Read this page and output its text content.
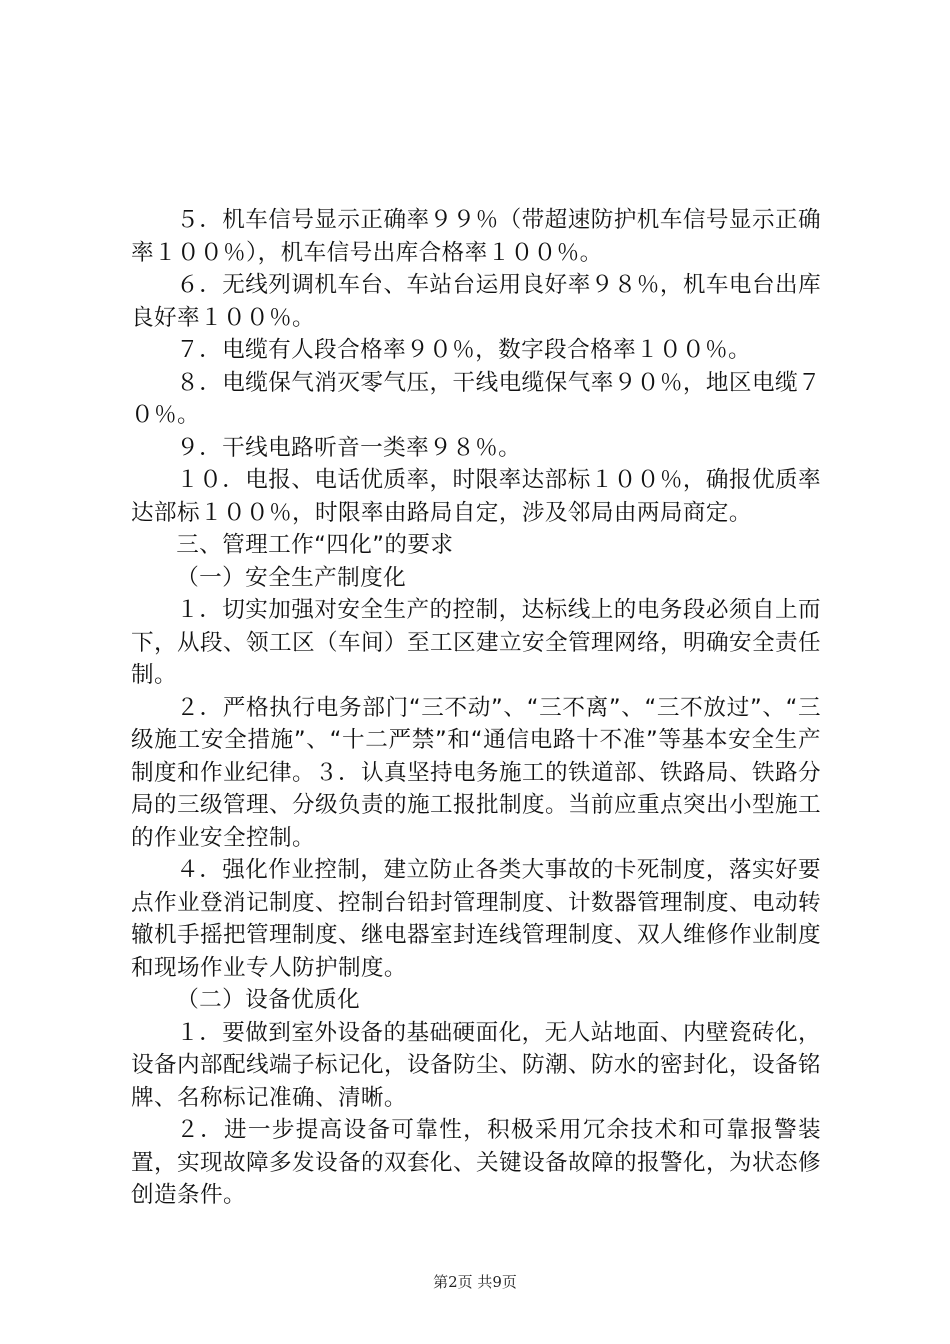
５．机车信号显示正确率９９％（带超速防护机车信号显示正确率１００％），机车信号出库合格率１００％。

６．无线列调机车台、车站台运用良好率９８％，机车电台出库良好率１００％。

７．电缆有人段合格率９０％，数字段合格率１００％。

８．电缆保气消灭零气压，干线电缆保气率９０％，地区电缆７０％。

９．干线电路听音一类率９８％。

１０．电报、电话优质率，时限率达部标１００％，确报优质率达部标１００％，时限率由路局自定，涉及邻局由两局商定。

三、管理工作“四化”的要求

（一）安全生产制度化

１．切实加强对安全生产的控制，达标线上的电务段必须自上而下，从段、领工区（车间）至工区建立安全管理网络，明确安全责任制。

２．严格执行电务部门“三不动”、“三不离”、“三不放过”、“三级施工安全措施”、“十二严禁”和“通信电路十不准”等基本安全生产制度和作业纪律。３．认真坚持电务施工的铁道部、铁路局、铁路分局的三级管理、分级负责的施工报批制度。当前应重点突出小型施工的作业安全控制。

４．强化作业控制，建立防止各类大事故的卡死制度，落实好要点作业登消记制度、控制台铅封管理制度、计数器管理制度、电动转辙机手摇把管理制度、继电器室封连线管理制度、双人维修作业制度和现场作业专人防护制度。

（二）设备优质化

１．要做到室外设备的基础硬面化，无人站地面、内壁瓷砖化，设备内部配线端子标记化，设备防尘、防潮、防水的密封化，设备铭牌、名称标记准确、清晰。

２．进一步提高设备可靠性，积极采用冗余技术和可靠报警装置，实现故障多发设备的双套化、关键设备故障的报警化，为状态修创造条件。

第2页 共9页
